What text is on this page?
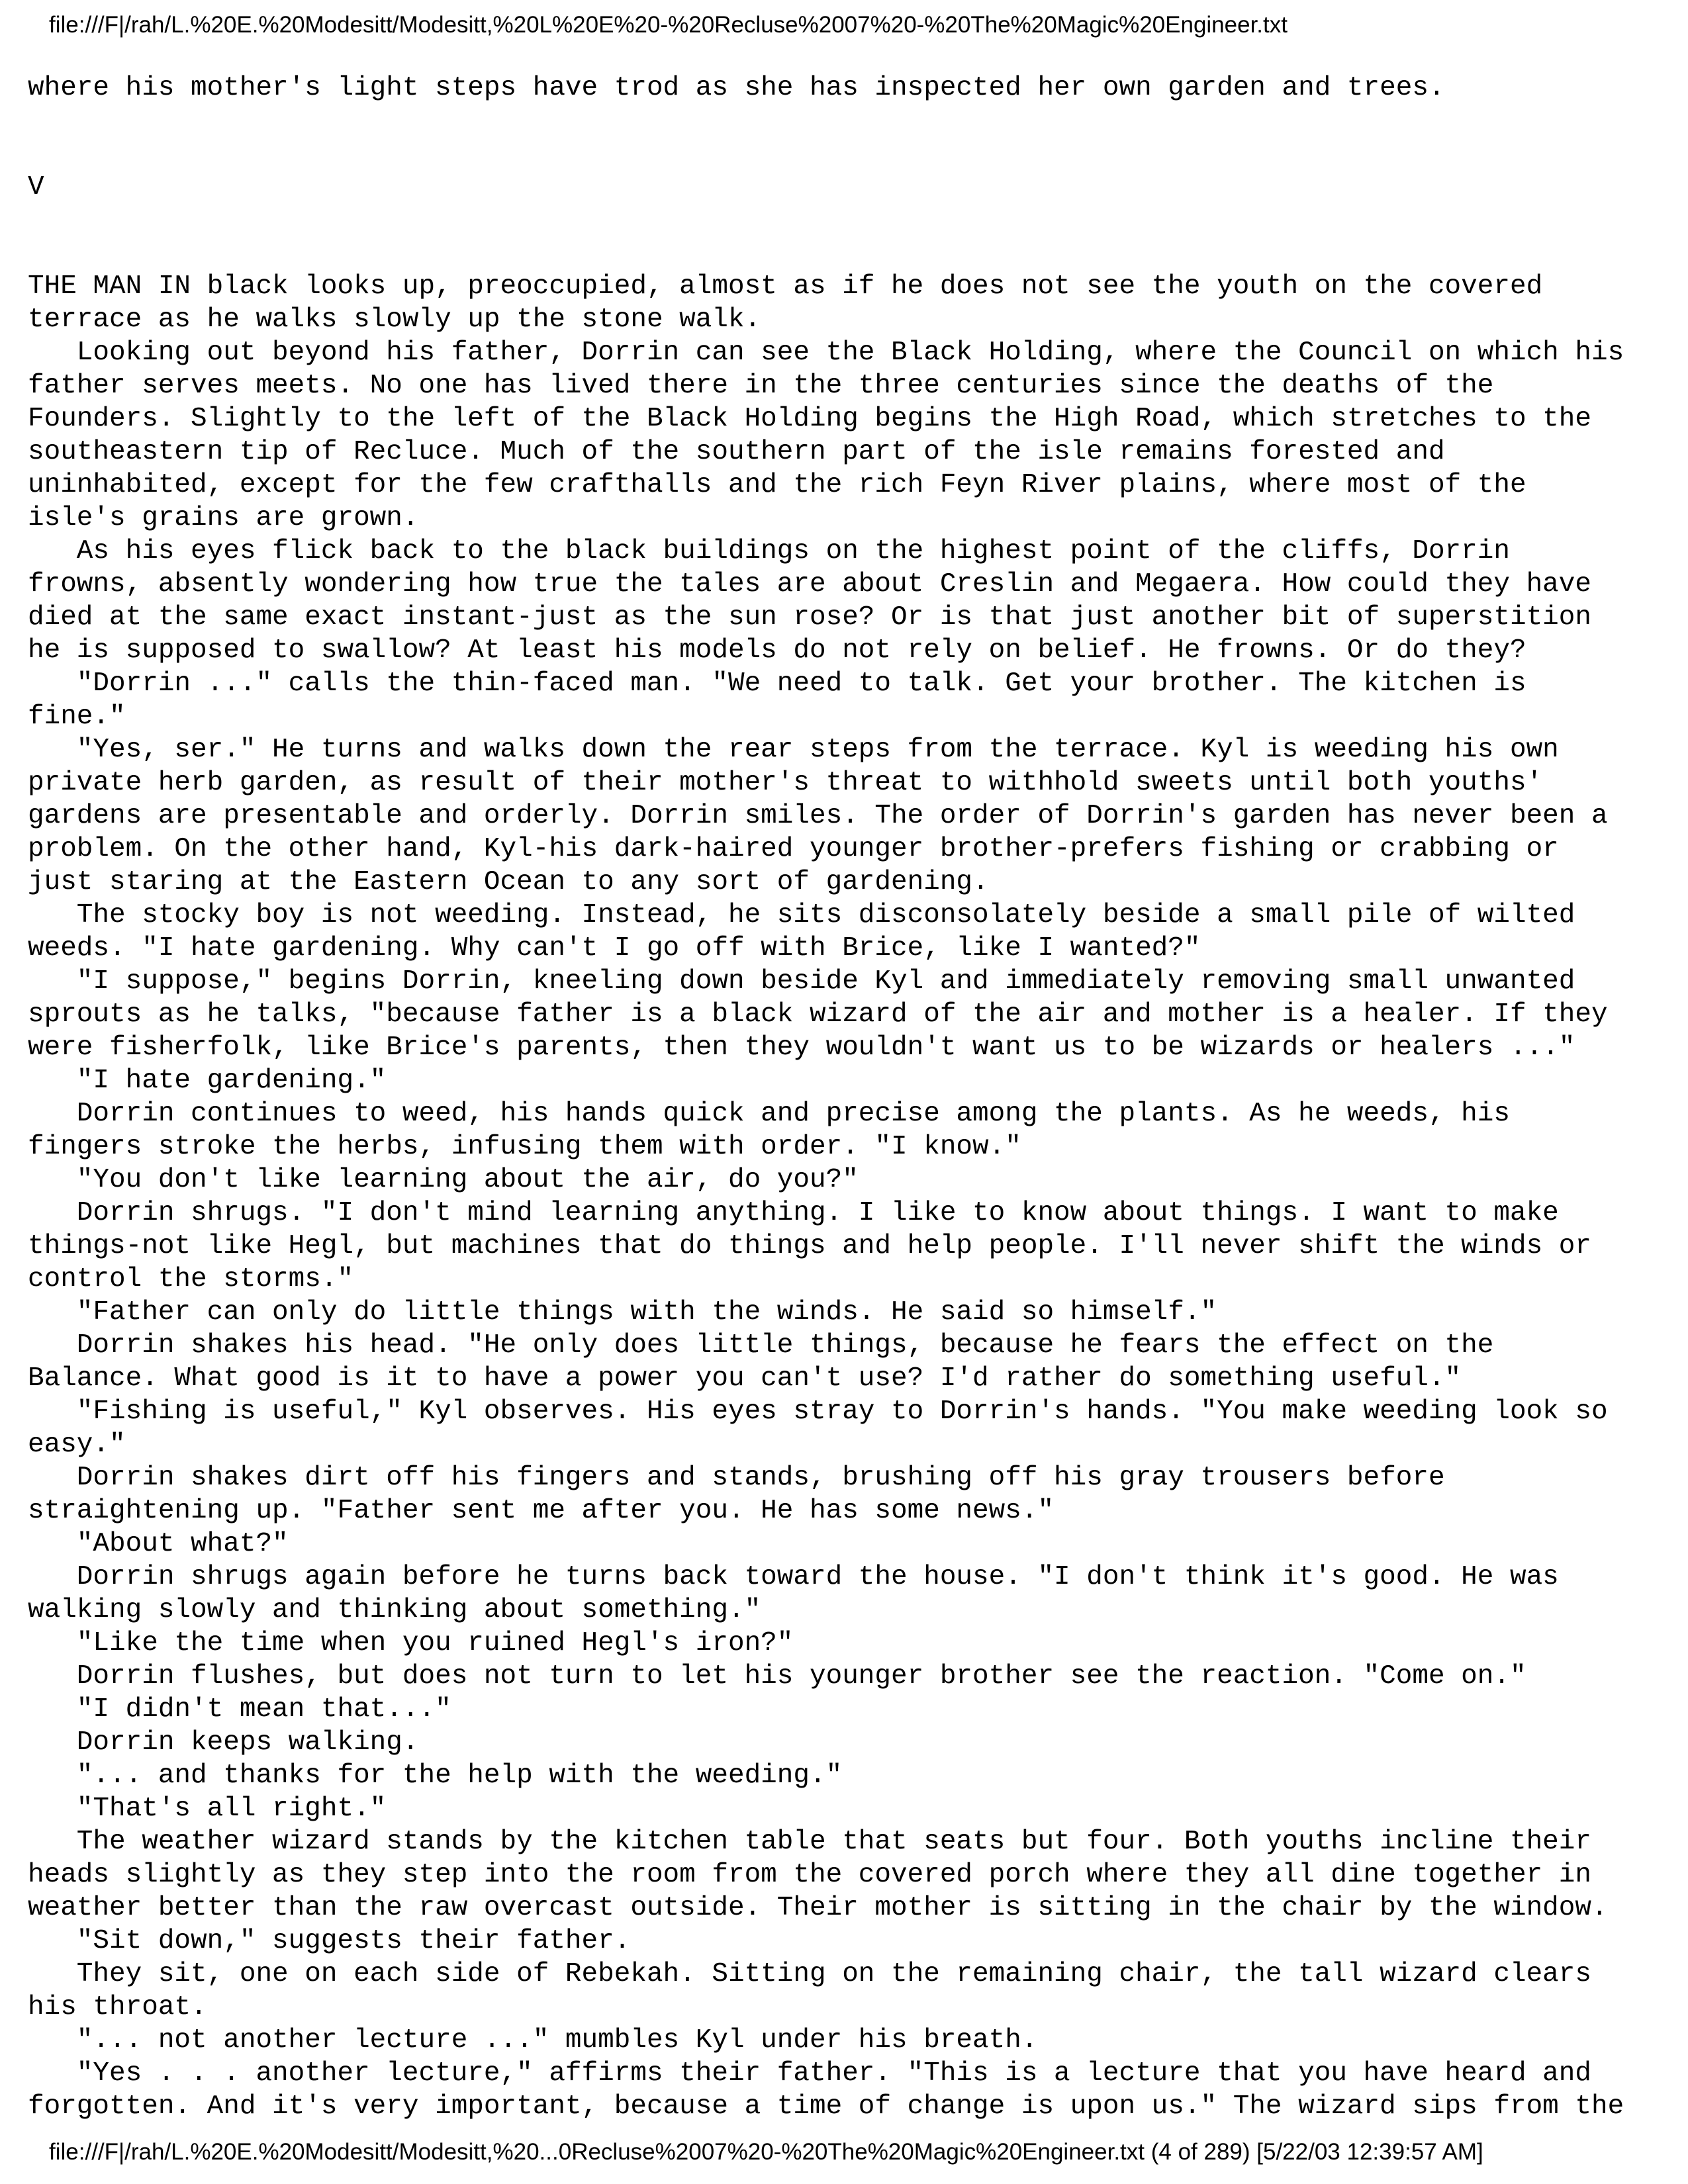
file:///F|/rah/L.%20E.%20Modesitt/Modesitt,%20L%20E%20-%20Recluse%2007%20-%20The%20Magic%20Engineer.txt
where his mother's light steps have trod as she has inspected her own garden and trees.
V
THE MAN IN black looks up, preoccupied, almost as if he does not see the youth on the covered
terrace as he walks slowly up the stone walk.
Looking out beyond his father, Dorrin can see the Black Holding, where the Council on which his
father serves meets. No one has lived there in the three centuries since the deaths of the
Founders. Slightly to the left of the Black Holding begins the High Road, which stretches to the
southeastern tip of Recluce. Much of the southern part of the isle remains forested and
uninhabited, except for the few crafthalls and the rich Feyn River plains, where most of the
isle's grains are grown.
As his eyes flick back to the black buildings on the highest point of the cliffs, Dorrin
frowns, absently wondering how true the tales are about Creslin and Megaera. How could they have
died at the same exact instant-just as the sun rose? Or is that just another bit of superstition
he is supposed to swallow? At least his models do not rely on belief. He frowns. Or do they?
"Dorrin ..." calls the thin-faced man. "We need to talk. Get your brother. The kitchen is
fine."
"Yes, ser." He turns and walks down the rear steps from the terrace. Kyl is weeding his own
private herb garden, as result of their mother's threat to withhold sweets until both youths'
gardens are presentable and orderly. Dorrin smiles. The order of Dorrin's garden has never been a
problem. On the other hand, Kyl-his dark-haired younger brother-prefers fishing or crabbing or
just staring at the Eastern Ocean to any sort of gardening.
The stocky boy is not weeding. Instead, he sits disconsolately beside a small pile of wilted
weeds. "I hate gardening. Why can't I go off with Brice, like I wanted?"
"I suppose," begins Dorrin, kneeling down beside Kyl and immediately removing small unwanted
sprouts as he talks, "because father is a black wizard of the air and mother is a healer. If they
were fisherfolk, like Brice's parents, then they wouldn't want us to be wizards or healers ..."
"I hate gardening."
Dorrin continues to weed, his hands quick and precise among the plants. As he weeds, his
fingers stroke the herbs, infusing them with order. "I know."
"You don't like learning about the air, do you?"
Dorrin shrugs. "I don't mind learning anything. I like to know about things. I want to make
things-not like Hegl, but machines that do things and help people. I'll never shift the winds or
control the storms."
"Father can only do little things with the winds. He said so himself."
Dorrin shakes his head. "He only does little things, because he fears the effect on the
Balance. What good is it to have a power you can't use? I'd rather do something useful."
"Fishing is useful," Kyl observes. His eyes stray to Dorrin's hands. "You make weeding look so
easy."
Dorrin shakes dirt off his fingers and stands, brushing off his gray trousers before
straightening up. "Father sent me after you. He has some news."
"About what?"
Dorrin shrugs again before he turns back toward the house. "I don't think it's good. He was
walking slowly and thinking about something."
"Like the time when you ruined Hegl's iron?"
Dorrin flushes, but does not turn to let his younger brother see the reaction. "Come on."
"I didn't mean that..."
Dorrin keeps walking.
"... and thanks for the help with the weeding."
"That's all right."
The weather wizard stands by the kitchen table that seats but four. Both youths incline their
heads slightly as they step into the room from the covered porch where they all dine together in
weather better than the raw overcast outside. Their mother is sitting in the chair by the window.
"Sit down," suggests their father.
They sit, one on each side of Rebekah. Sitting on the remaining chair, the tall wizard clears
his throat.
"... not another lecture ..." mumbles Kyl under his breath.
"Yes . . . another lecture," affirms their father. "This is a lecture that you have heard and
forgotten. And it's very important, because a time of change is upon us." The wizard sips from the
file:///F|/rah/L.%20E.%20Modesitt/Modesitt,%20...0Recluse%2007%20-%20The%20Magic%20Engineer.txt (4 of 289) [5/22/03 12:39:57 AM]
